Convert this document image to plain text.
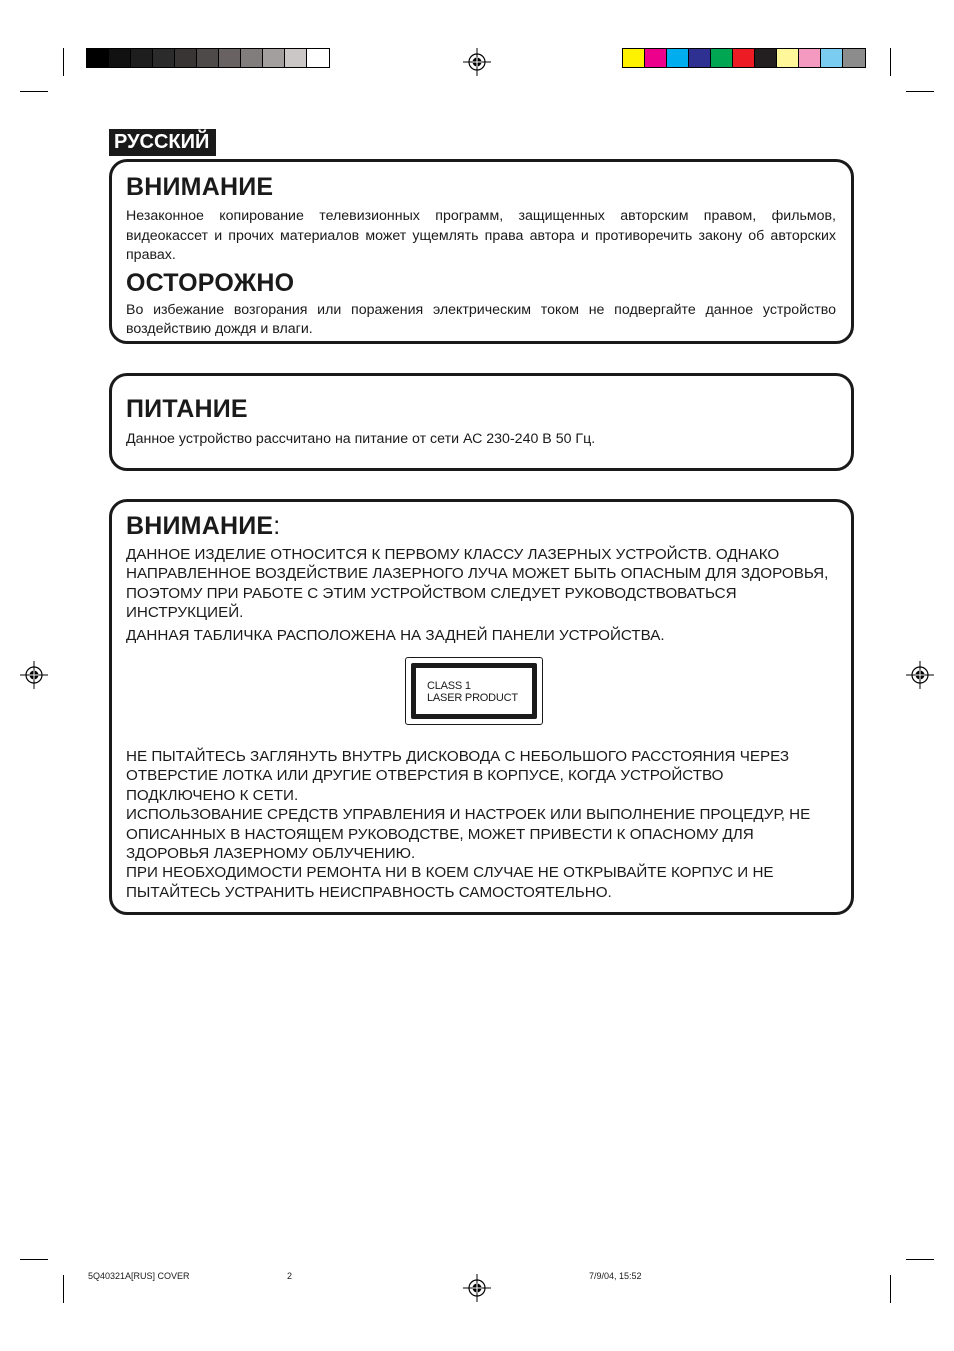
РУССКИЙ
ВНИМАНИЕ

Незаконное копирование телевизионных программ, защищенных авторским правом, фильмов, видеокассет и прочих материалов может ущемлять права автора и противоречить закону об авторских правах.

ОСТОРОЖНО

Во избежание возгорания или поражения электрическим током не подвергайте данное устройство воздействию дождя и влаги.

ПИТАНИЕ

Данное устройство рассчитано на питание от сети АС 230-240 В 50 Гц.

ВНИМАНИЕ:

ДАННОЕ ИЗДЕЛИЕ ОТНОСИТСЯ К ПЕРВОМУ КЛАССУ ЛАЗЕРНЫХ УСТРОЙСТВ. ОДНАКО НАПРАВЛЕННОЕ ВОЗДЕЙСТВИЕ ЛАЗЕРНОГО ЛУЧА МОЖЕТ БЫТЬ ОПАСНЫМ ДЛЯ ЗДОРОВЬЯ, ПОЭТОМУ ПРИ РАБОТЕ С ЭТИМ УСТРОЙСТВОМ СЛЕДУЕТ РУКОВОДСТВОВАТЬСЯ ИНСТРУКЦИЕЙ.

ДАННАЯ ТАБЛИЧКА РАСПОЛОЖЕНА НА ЗАДНЕЙ ПАНЕЛИ УСТРОЙСТВА.

НЕ ПЫТАЙТЕСЬ ЗАГЛЯНУТЬ ВНУТРЬ ДИСКОВОДА С НЕБОЛЬШОГО РАССТОЯНИЯ ЧЕРЕЗ ОТВЕРСТИЕ ЛОТКА ИЛИ ДРУГИЕ ОТВЕРСТИЯ В КОРПУСЕ, КОГДА УСТРОЙСТВО ПОДКЛЮЧЕНО К СЕТИ.

ИСПОЛЬЗОВАНИЕ СРЕДСТВ УПРАВЛЕНИЯ И НАСТРОЕК ИЛИ ВЫПОЛНЕНИЕ ПРОЦЕДУР, НЕ ОПИСАННЫХ В НАСТОЯЩЕМ РУКОВОДСТВЕ, МОЖЕТ ПРИВЕСТИ К ОПАСНОМУ ДЛЯ ЗДОРОВЬЯ ЛАЗЕРНОМУ ОБЛУЧЕНИЮ.

ПРИ НЕОБХОДИМОСТИ РЕМОНТА НИ В КОЕМ СЛУЧАЕ НЕ ОТКРЫВАЙТЕ КОРПУС И НЕ ПЫТАЙТЕСЬ УСТРАНИТЬ НЕИСПРАВНОСТЬ САМОСТОЯТЕЛЬНО.

CLASS 1
LASER PRODUCT
5Q40321A[RUS] COVER	2	7/9/04, 15:52
